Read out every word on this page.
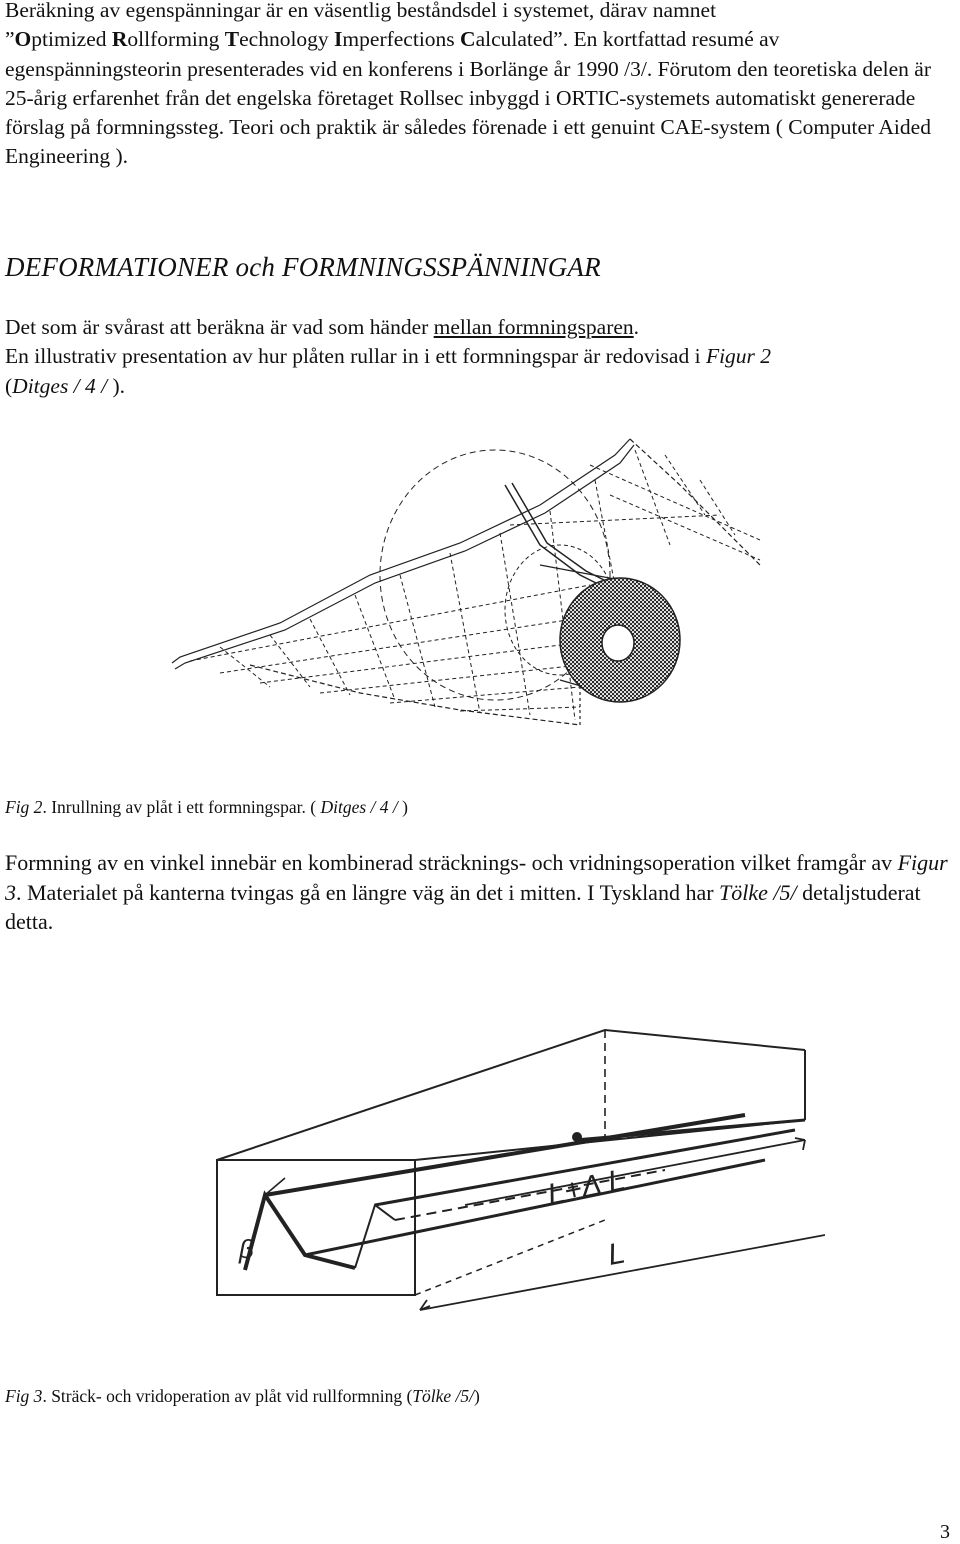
Beräkning av egenspänningar är en väsentlig beståndsdel i systemet, därav namnet
”Optimized Rollforming Technology Imperfections Calculated”. En kortfattad resumé av egenspänningsteorin presenterades vid en konferens i Borlänge år 1990 /3/. Förutom den teoretiska delen är 25-årig erfarenhet från det engelska företaget Rollsec inbyggd i ORTIC-systemets automatiskt genererade förslag på formningssteg. Teori och praktik är således förenade i ett genuint CAE-system ( Computer Aided Engineering ).

DEFORMATIONER och FORMNINGSSPÄNNINGAR

Det som är svårast att beräkna är vad som händer mellan formningsparen.
En illustrativ presentation av hur plåten rullar in i ett formningspar är redovisad i Figur 2
(Ditges / 4 / ).

Fig 2. Inrullning av plåt i ett formningspar. ( Ditges / 4 / )

Formning av en vinkel innebär en kombinerad sträcknings- och vridningsoperation vilket framgår av Figur 3. Materialet på kanterna tvingas gå en längre väg än det i mitten. I Tyskland har Tölke /5/ detaljstuderat detta.

β
L+Δ L
L

Fig 3. Sträck- och vridoperation av plåt vid rullformning (Tölke /5/)

3
